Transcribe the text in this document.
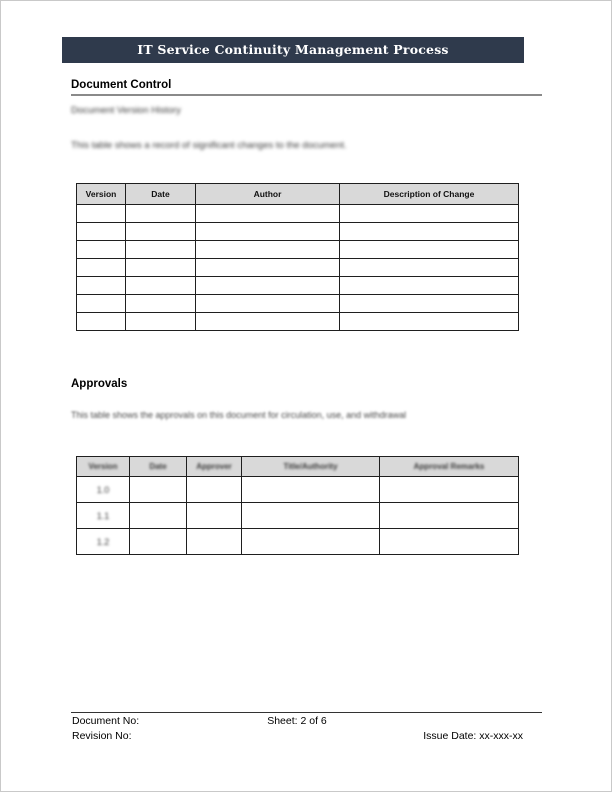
IT Service Continuity Management Process
Document Control
Document Version History
This table shows a record of significant changes to the document.
Version	Date	Author	Description of Change

Approvals
This table shows the approvals on this document for circulation, use, and withdrawal
Version	Date	Approver	Title/Authority	Approval Remarks
1.0				
1.1				
1.2				
Document No:	Sheet: 2 of 6
Revision No:	Issue Date: xx-xxx-xx
